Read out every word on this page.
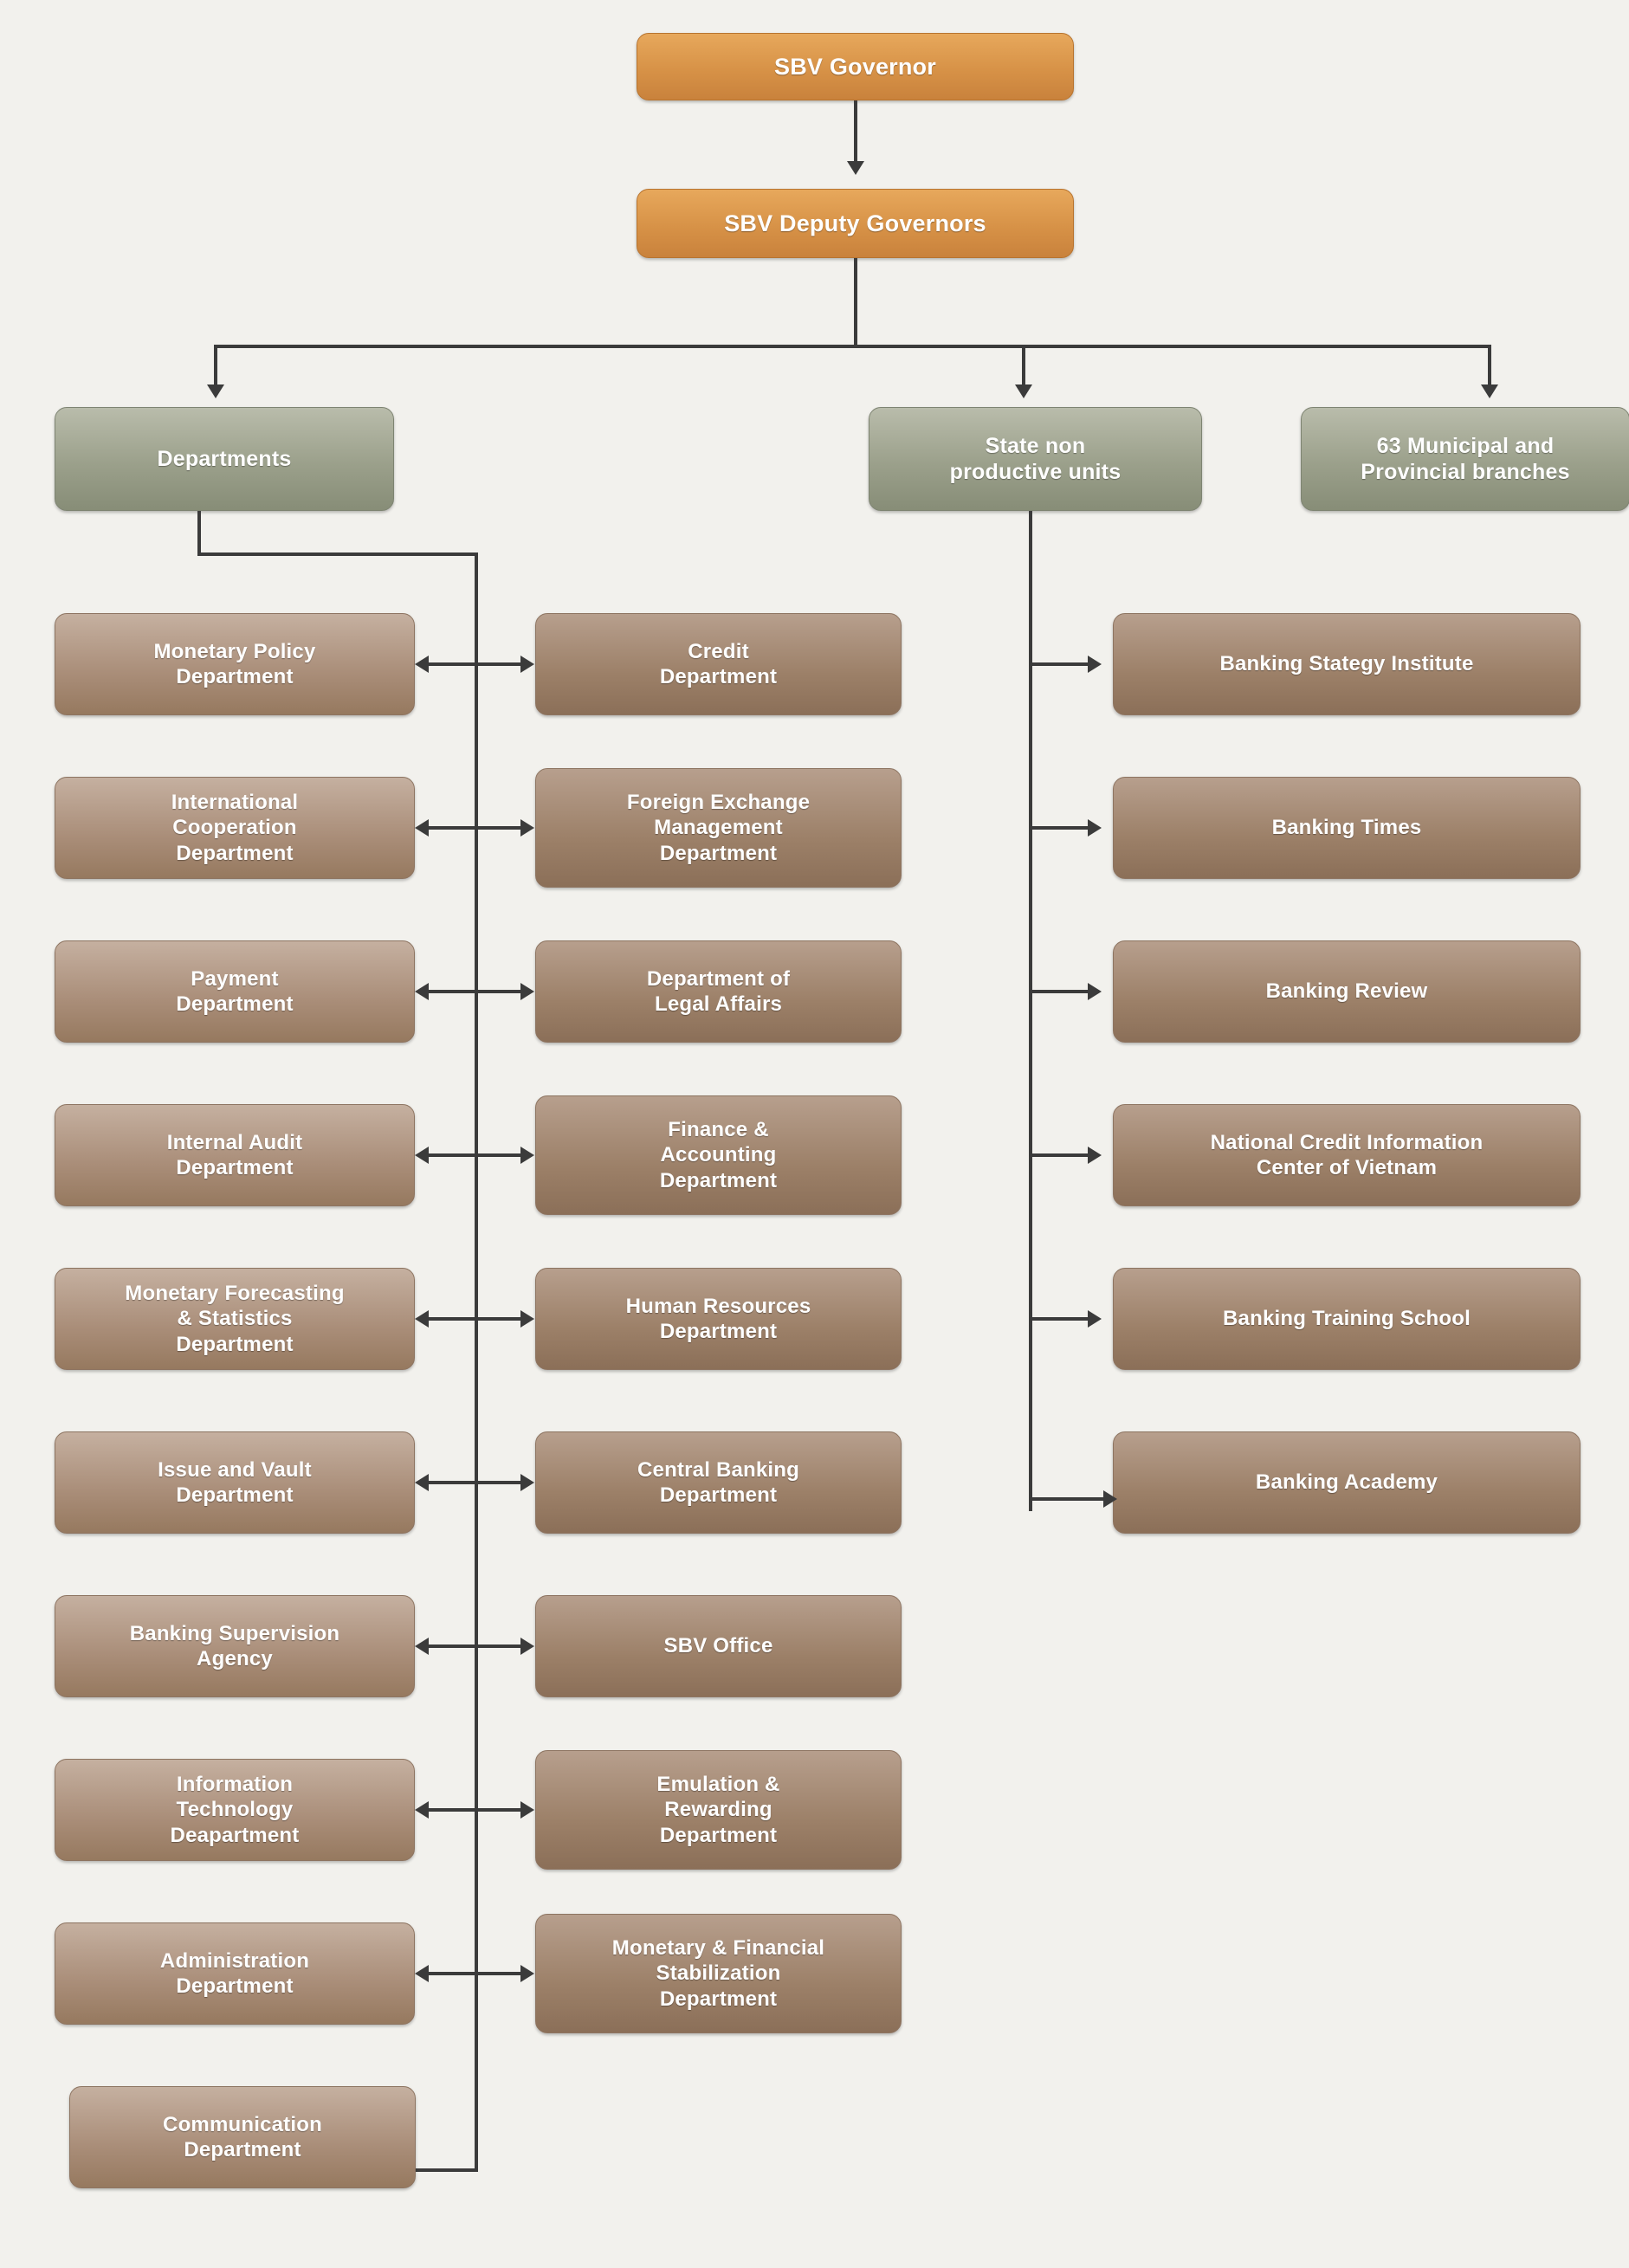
SBV Governor
SBV Deputy Governors
Departments
State non
productive units
63 Municipal and
Provincial branches
Monetary Policy
Department
International
Cooperation
Department
Payment
Department
Internal Audit
Department
Monetary Forecasting
& Statistics
Department
Issue and Vault
Department
Banking Supervision
Agency
Information
Technology
Deapartment
Administration
Department
Communication
Department
Credit
Department
Foreign Exchange
Management
Department
Department of
Legal Affairs
Finance &
Accounting
Department
Human Resources
Department
Central Banking
Department
SBV Office
Emulation &
Rewarding
Department
Monetary & Financial
Stabilization
Department
Banking Stategy Institute
Banking Times
Banking Review
National Credit Information
Center of Vietnam
Banking Training School
Banking Academy
